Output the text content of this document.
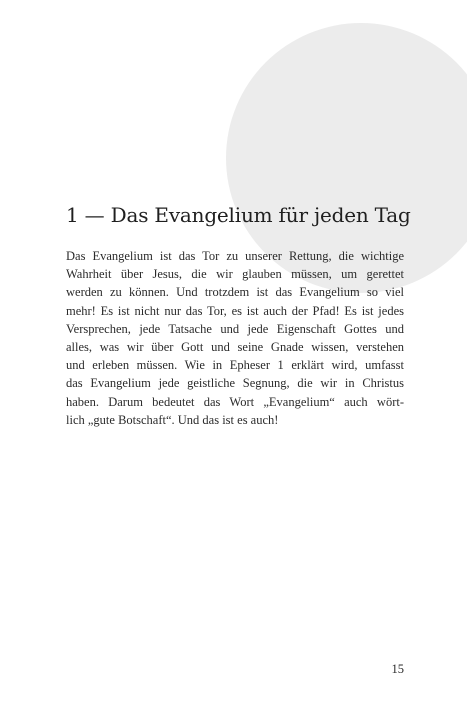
1 — Das Evangelium für jeden Tag
Das Evangelium ist das Tor zu unserer Rettung, die wichtige
Wahrheit über Jesus, die wir glauben müssen, um gerettet
werden zu können. Und trotzdem ist das Evangelium so viel
mehr! Es ist nicht nur das Tor, es ist auch der Pfad! Es ist jedes
Versprechen, jede Tatsache und jede Eigenschaft Gottes und
alles, was wir über Gott und seine Gnade wissen, verstehen
und erleben müssen. Wie in Epheser 1 erklärt wird, umfasst
das Evangelium jede geistliche Segnung, die wir in Christus
haben. Darum bedeutet das Wort „Evangelium“ auch wört-
lich „gute Botschaft“. Und das ist es auch!
15
